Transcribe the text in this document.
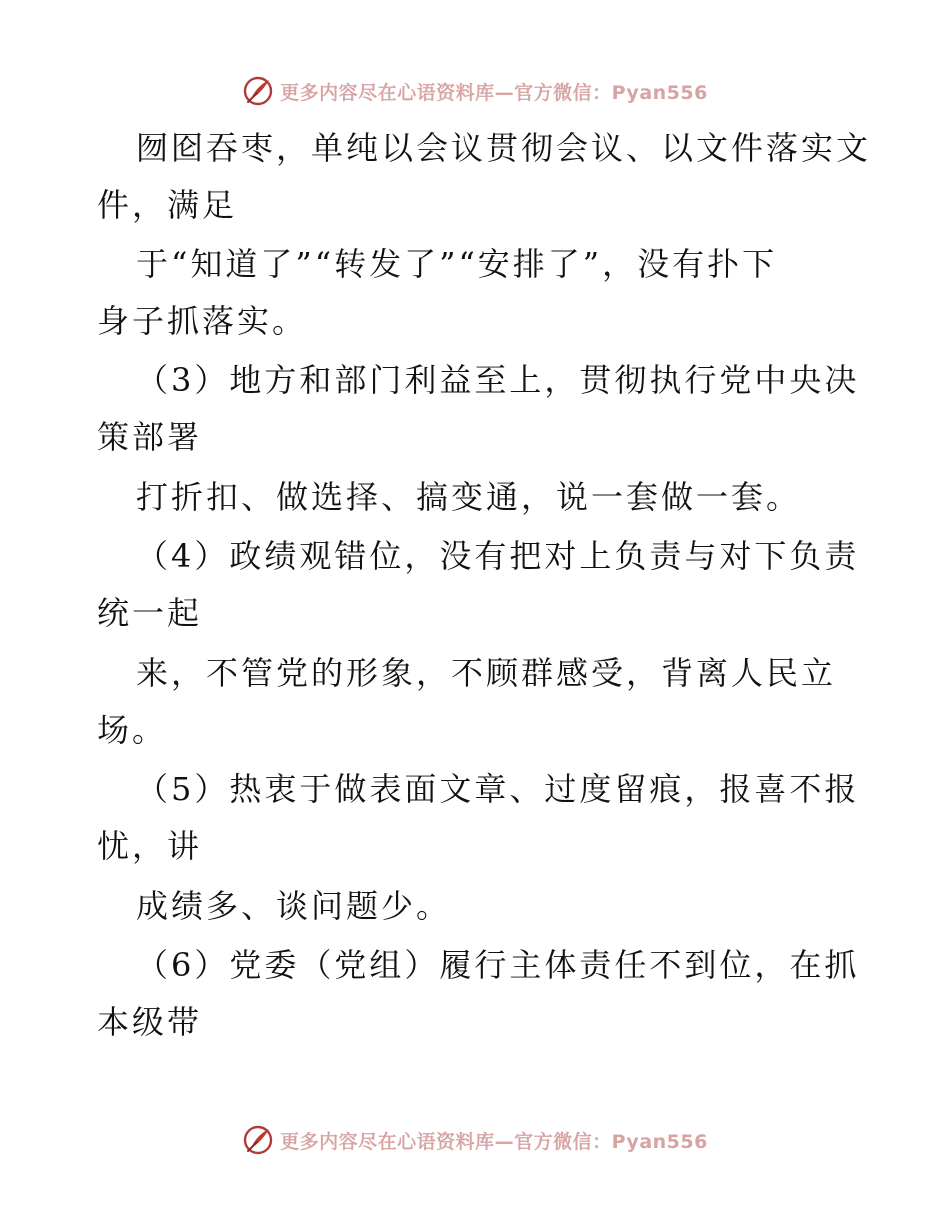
更多内容尽在心语资料库—官方微信：Pyan556
囫囵吞枣，单纯以会议贯彻会议、以文件落实文
件，满足
于“知道了”“转发了”“安排了”，没有扑下
身子抓落实。
（3）地方和部门利益至上，贯彻执行党中央决
策部署
打折扣、做选择、搞变通，说一套做一套。
（4）政绩观错位，没有把对上负责与对下负责
统一起
来，不管党的形象，不顾群感受，背离人民立
场。
（5）热衷于做表面文章、过度留痕，报喜不报
忧，讲
成绩多、谈问题少。
（6）党委（党组）履行主体责任不到位，在抓
本级带
更多内容尽在心语资料库—官方微信：Pyan556
